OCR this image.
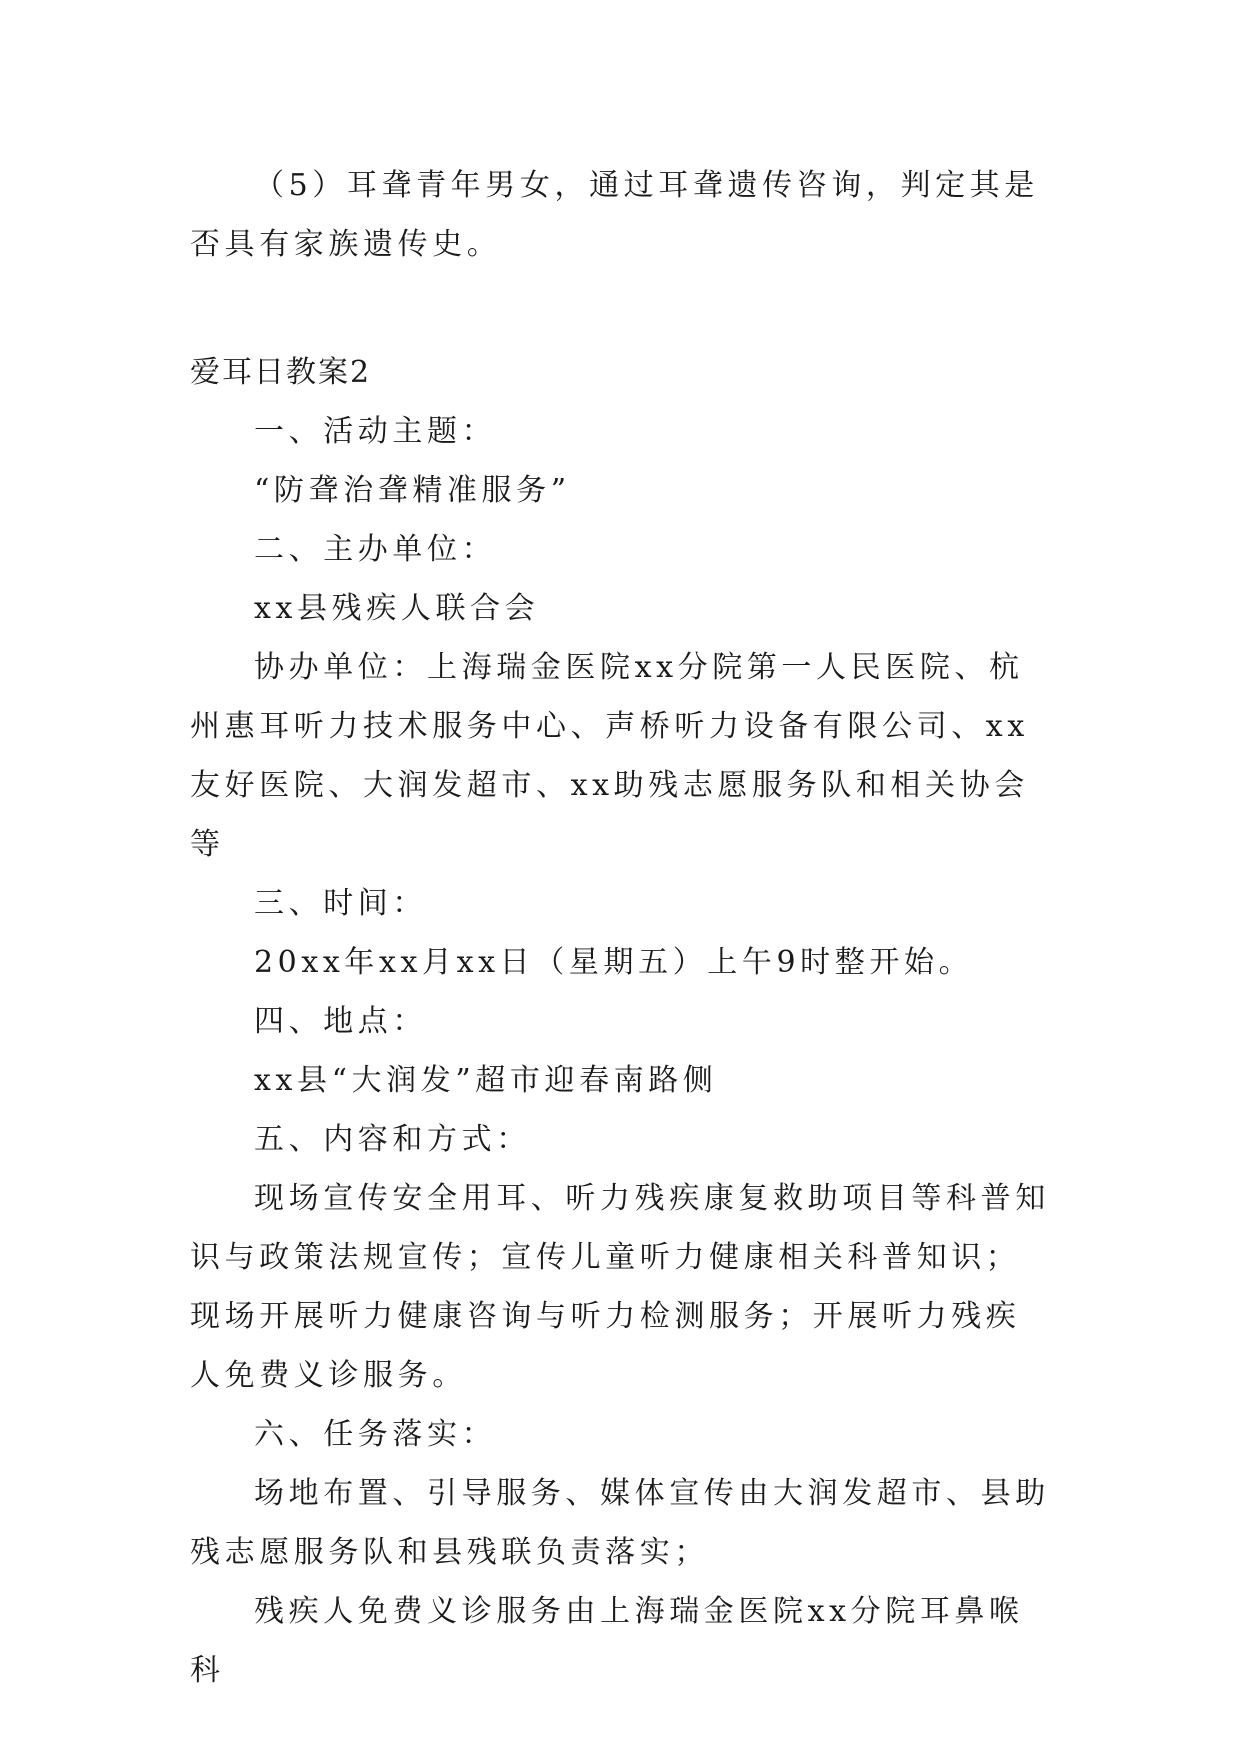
（5）耳聋青年男女，通过耳聋遗传咨询，判定其是否具有家族遗传史。

爱耳日教案2

一、活动主题：

“防聋治聋精准服务”

二、主办单位：

xx县残疾人联合会

协办单位：上海瑞金医院xx分院第一人民医院、杭州惠耳听力技术服务中心、声桥听力设备有限公司、xx友好医院、大润发超市、xx助残志愿服务队和相关协会等

三、时间：

20xx年xx月xx日（星期五）上午9时整开始。

四、地点：

xx县“大润发”超市迎春南路侧

五、内容和方式：

现场宣传安全用耳、听力残疾康复救助项目等科普知识与政策法规宣传；宣传儿童听力健康相关科普知识；现场开展听力健康咨询与听力检测服务；开展听力残疾人免费义诊服务。

六、任务落实：

场地布置、引导服务、媒体宣传由大润发超市、县助残志愿服务队和县残联负责落实；

残疾人免费义诊服务由上海瑞金医院xx分院耳鼻喉科
